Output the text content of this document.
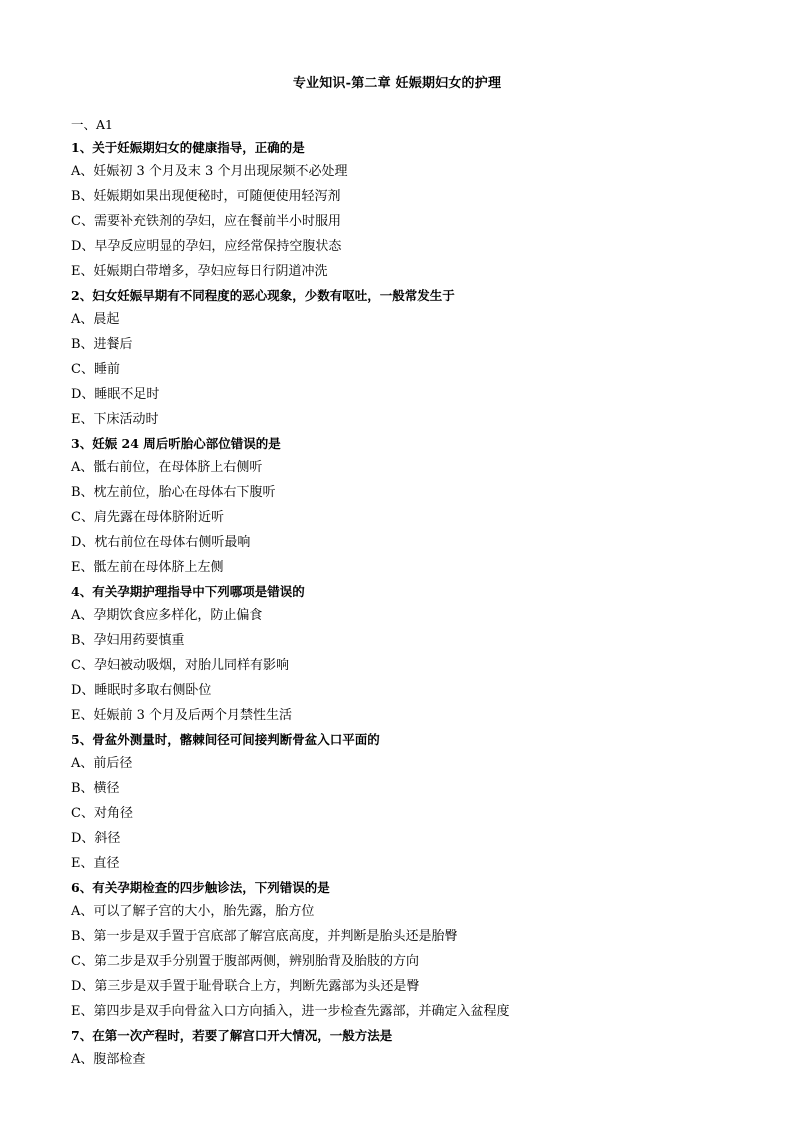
专业知识-第二章 妊娠期妇女的护理
一、A1
1、关于妊娠期妇女的健康指导，正确的是
A、妊娠初 3 个月及末 3 个月出现尿频不必处理
B、妊娠期如果出现便秘时，可随便使用轻泻剂
C、需要补充铁剂的孕妇，应在餐前半小时服用
D、早孕反应明显的孕妇，应经常保持空腹状态
E、妊娠期白带增多，孕妇应每日行阴道冲洗
2、妇女妊娠早期有不同程度的恶心现象，少数有呕吐，一般常发生于
A、晨起
B、进餐后
C、睡前
D、睡眠不足时
E、下床活动时
3、妊娠 24 周后听胎心部位错误的是
A、骶右前位，在母体脐上右侧听
B、枕左前位，胎心在母体右下腹听
C、肩先露在母体脐附近听
D、枕右前位在母体右侧听最响
E、骶左前在母体脐上左侧
4、有关孕期护理指导中下列哪项是错误的
A、孕期饮食应多样化，防止偏食
B、孕妇用药要慎重
C、孕妇被动吸烟，对胎儿同样有影响
D、睡眠时多取右侧卧位
E、妊娠前 3 个月及后两个月禁性生活
5、骨盆外测量时，髂棘间径可间接判断骨盆入口平面的
A、前后径
B、横径
C、对角径
D、斜径
E、直径
6、有关孕期检查的四步触诊法，下列错误的是
A、可以了解子宫的大小，胎先露，胎方位
B、第一步是双手置于宫底部了解宫底高度，并判断是胎头还是胎臀
C、第二步是双手分别置于腹部两侧，辨别胎背及胎肢的方向
D、第三步是双手置于耻骨联合上方，判断先露部为头还是臀
E、第四步是双手向骨盆入口方向插入，进一步检查先露部，并确定入盆程度
7、在第一次产程时，若要了解宫口开大情况，一般方法是
A、腹部检查
